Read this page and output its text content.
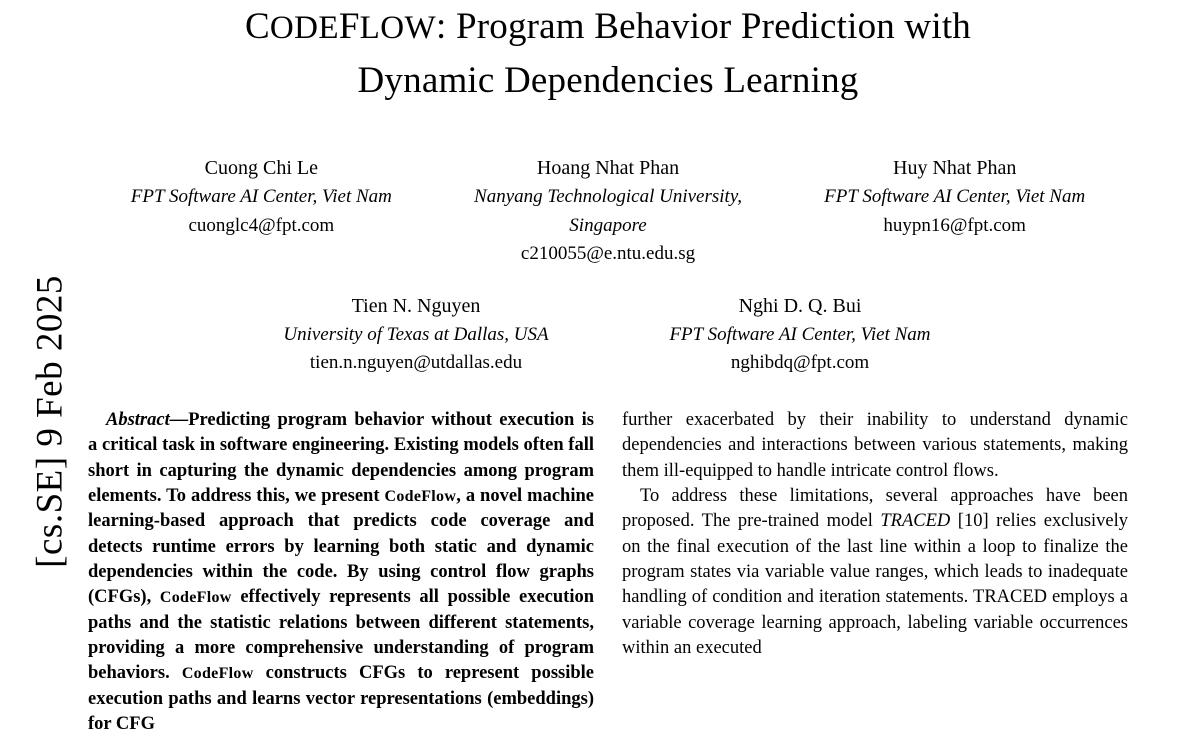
[cs.SE] 9 Feb 2025
CODEFLOW: Program Behavior Prediction with
Dynamic Dependencies Learning
Cuong Chi Le
FPT Software AI Center, Viet Nam
cuonglc4@fpt.com
Hoang Nhat Phan
Nanyang Technological University, Singapore
c210055@e.ntu.edu.sg
Huy Nhat Phan
FPT Software AI Center, Viet Nam
huypn16@fpt.com
Tien N. Nguyen
University of Texas at Dallas, USA
tien.n.nguyen@utdallas.edu
Nghi D. Q. Bui
FPT Software AI Center, Viet Nam
nghibdq@fpt.com

Abstract—Predicting program behavior without execution is a critical task in software engineering. Existing models often fall short in capturing the dynamic dependencies among program elements. To address this, we present CodeFlow, a novel machine learning-based approach that predicts code coverage and detects runtime errors by learning both static and dynamic dependencies within the code. By using control flow graphs (CFGs), CodeFlow effectively represents all possible execution paths and the statistic relations between different statements, providing a more comprehensive understanding of program behaviors. CodeFlow constructs CFGs to represent possible execution paths and learns vector representations (embeddings) for CFG

further exacerbated by their inability to understand dynamic dependencies and interactions between various statements, making them ill-equipped to handle intricate control flows.

To address these limitations, several approaches have been proposed. The pre-trained model TRACED [10] relies exclusively on the final execution of the last line within a loop to finalize the program states via variable value ranges, which leads to inadequate handling of condition and iteration statements. TRACED employs a variable coverage learning approach, labeling variable occurrences within an executed
